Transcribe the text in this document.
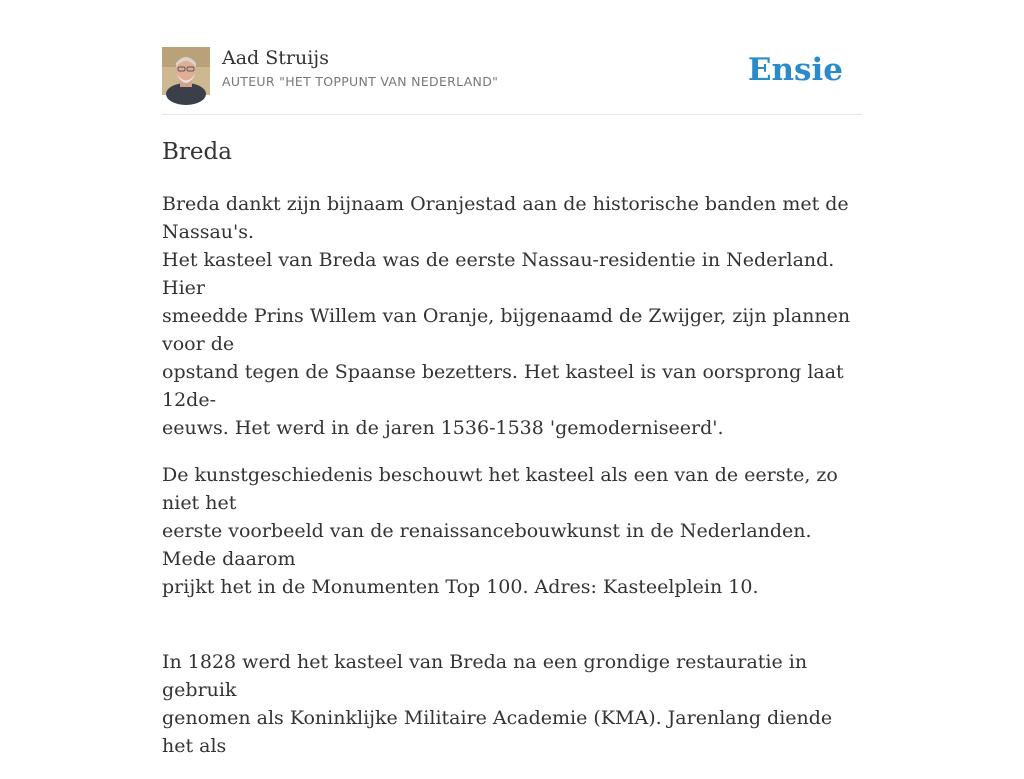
Aad Struijs
AUTEUR "HET TOPPUNT VAN NEDERLAND"	Ensie
Breda

Breda dankt zijn bijnaam Oranjestad aan de historische banden met de Nassau's.
Het kasteel van Breda was de eerste Nassau-residentie in Nederland. Hier
smeedde Prins Willem van Oranje, bijgenaamd de Zwijger, zijn plannen voor de
opstand tegen de Spaanse bezetters. Het kasteel is van oorsprong laat 12de-
eeuws. Het werd in de jaren 1536-1538 'gemoderniseerd'.

De kunstgeschiedenis beschouwt het kasteel als een van de eerste, zo niet het
eerste voorbeeld van de renaissancebouwkunst in de Nederlanden. Mede daarom
prijkt het in de Monumenten Top 100. Adres: Kasteelplein 10.

In 1828 werd het kasteel van Breda na een grondige restauratie in gebruik
genomen als Koninklijke Militaire Academie (KMA). Jarenlang diende het als
